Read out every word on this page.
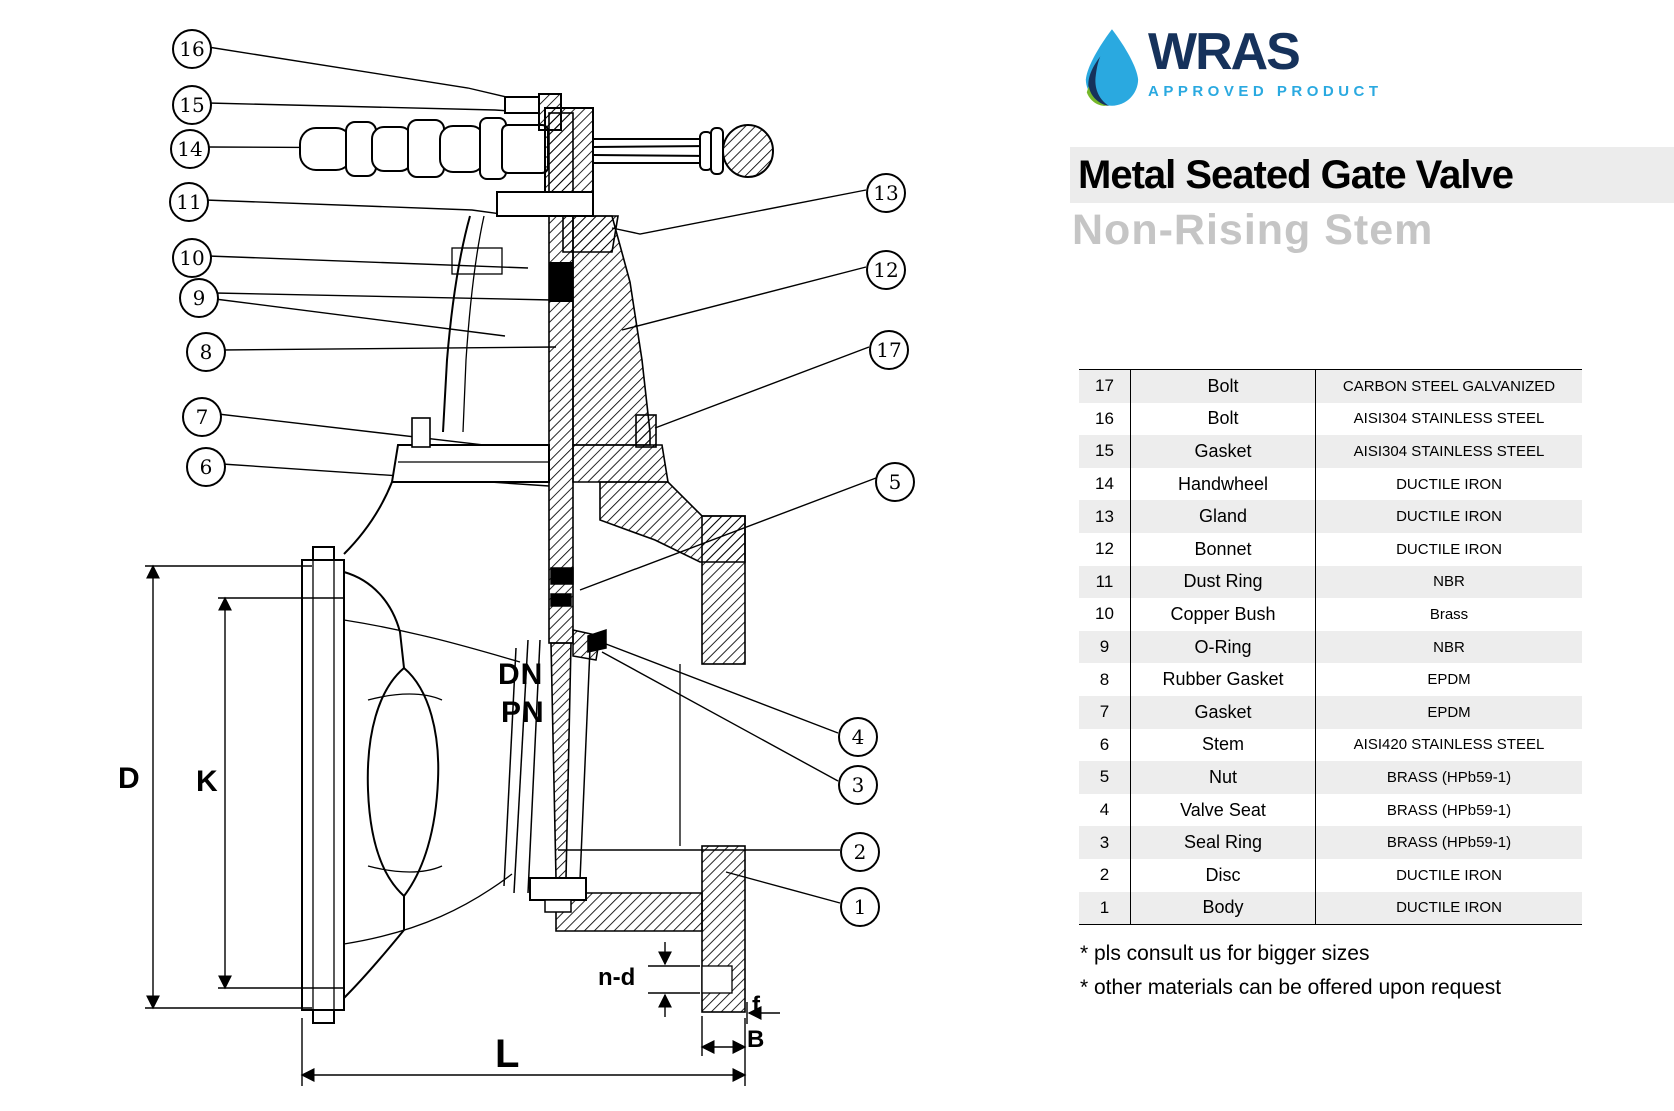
16
15
14
11
10
9
8
7
6
13
12
17
5
4
3
2
1
D K
L
n-d
f
B
DN
PN
WRAS
APPROVED PRODUCT
Metal Seated Gate Valve
Non-Rising Stem
17	Bolt	CARBON STEEL GALVANIZED
16	Bolt	AISI304 STAINLESS STEEL
15	Gasket	AISI304 STAINLESS STEEL
14	Handwheel	DUCTILE IRON
13	Gland	DUCTILE IRON
12	Bonnet	DUCTILE IRON
11	Dust Ring	NBR
10	Copper Bush	Brass
9	O-Ring	NBR
8	Rubber Gasket	EPDM
7	Gasket	EPDM
6	Stem	AISI420 STAINLESS STEEL
5	Nut	BRASS (HPb59-1)
4	Valve Seat	BRASS (HPb59-1)
3	Seal Ring	BRASS (HPb59-1)
2	Disc	DUCTILE IRON
1	Body	DUCTILE IRON
* pls consult us for bigger sizes
* other materials can be offered upon request
